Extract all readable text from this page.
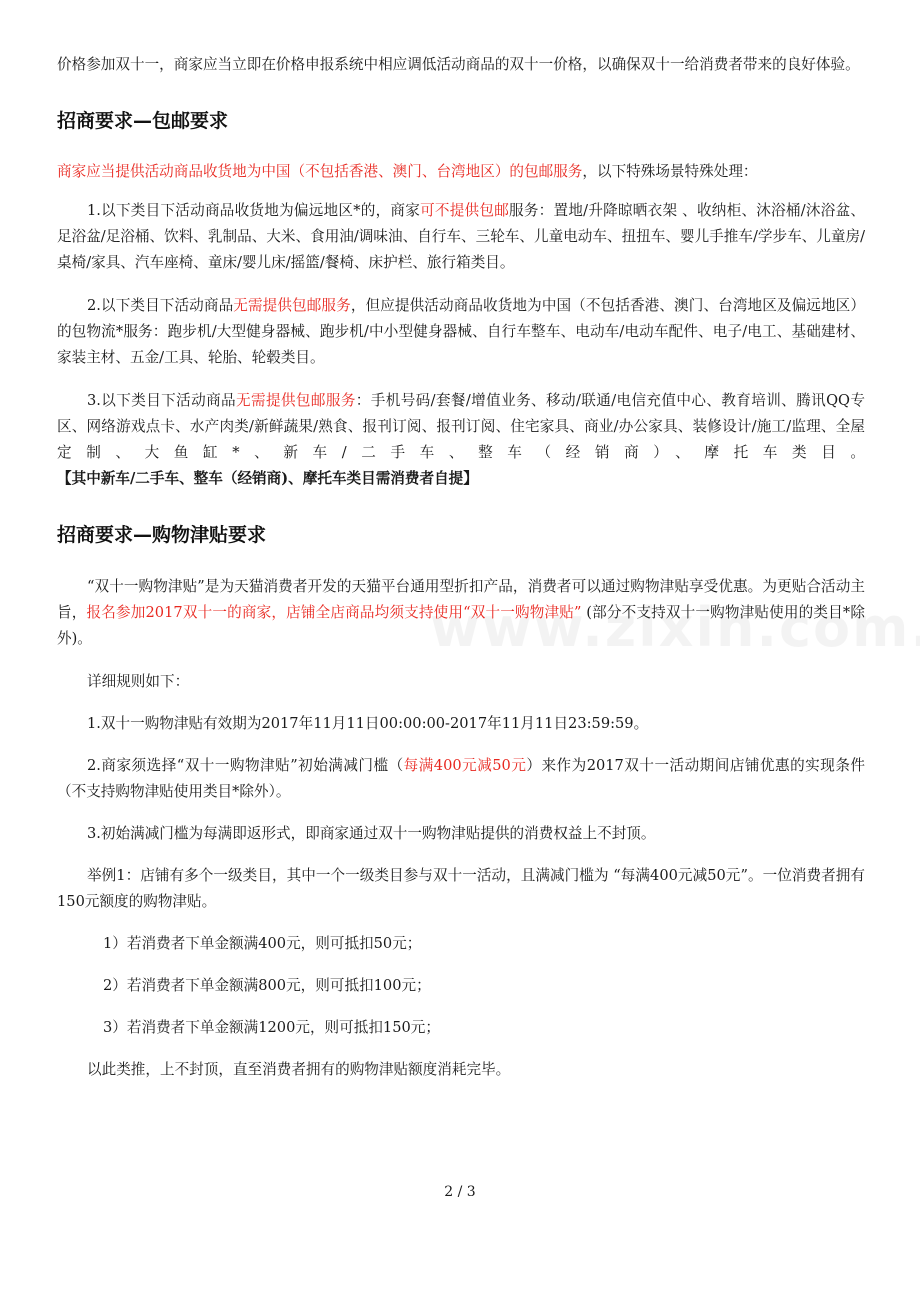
价格参加双十一，商家应当立即在价格申报系统中相应调低活动商品的双十一价格，以确保双十一给消费者带来的良好体验。

招商要求—包邮要求

商家应当提供活动商品收货地为中国（不包括香港、澳门、台湾地区）的包邮服务，以下特殊场景特殊处理：

1.以下类目下活动商品收货地为偏远地区*的，商家可不提供包邮服务：置地/升降晾晒衣架 、收纳柜、沐浴桶/沐浴盆、足浴盆/足浴桶、饮料、乳制品、大米、食用油/调味油、自行车、三轮车、儿童电动车、扭扭车、婴儿手推车/学步车、儿童房/桌椅/家具、汽车座椅、童床/婴儿床/摇篮/餐椅、床护栏、旅行箱类目。

2.以下类目下活动商品无需提供包邮服务，但应提供活动商品收货地为中国（不包括香港、澳门、台湾地区及偏远地区）的包物流*服务：跑步机/大型健身器械、跑步机/中小型健身器械、自行车整车、电动车/电动车配件、电子/电工、基础建材、家装主材、五金/工具、轮胎、轮毂类目。

3.以下类目下活动商品无需提供包邮服务：手机号码/套餐/增值业务、移动/联通/电信充值中心、教育培训、腾讯QQ专区、网络游戏点卡、水产肉类/新鲜蔬果/熟食、报刊订阅、报刊订阅、住宅家具、商业/办公家具、装修设计/施工/监理、全屋定制、大鱼缸*、新车/二手车、整车（经销商）、摩托车类目。【其中新车/二手车、整车（经销商)、摩托车类目需消费者自提】

招商要求—购物津贴要求

“双十一购物津贴”是为天猫消费者开发的天猫平台通用型折扣产品，消费者可以通过购物津贴享受优惠。为更贴合活动主旨，报名参加2017双十一的商家，店铺全店商品均须支持使用“双十一购物津贴” (部分不支持双十一购物津贴使用的类目*除外)。

详细规则如下：

1.双十一购物津贴有效期为2017年11月11日00:00:00-2017年11月11日23:59:59。

2.商家须选择“双十一购物津贴”初始满减门槛（每满400元减50元）来作为2017双十一活动期间店铺优惠的实现条件（不支持购物津贴使用类目*除外）。

3.初始满减门槛为每满即返形式，即商家通过双十一购物津贴提供的消费权益上不封顶。

举例1：店铺有多个一级类目，其中一个一级类目参与双十一活动，且满减门槛为 “每满400元减50元”。一位消费者拥有150元额度的购物津贴。

1）若消费者下单金额满400元，则可抵扣50元；

2）若消费者下单金额满800元，则可抵扣100元；

3）若消费者下单金额满1200元，则可抵扣150元；

以此类推，上不封顶，直至消费者拥有的购物津贴额度消耗完毕。

2 / 3
